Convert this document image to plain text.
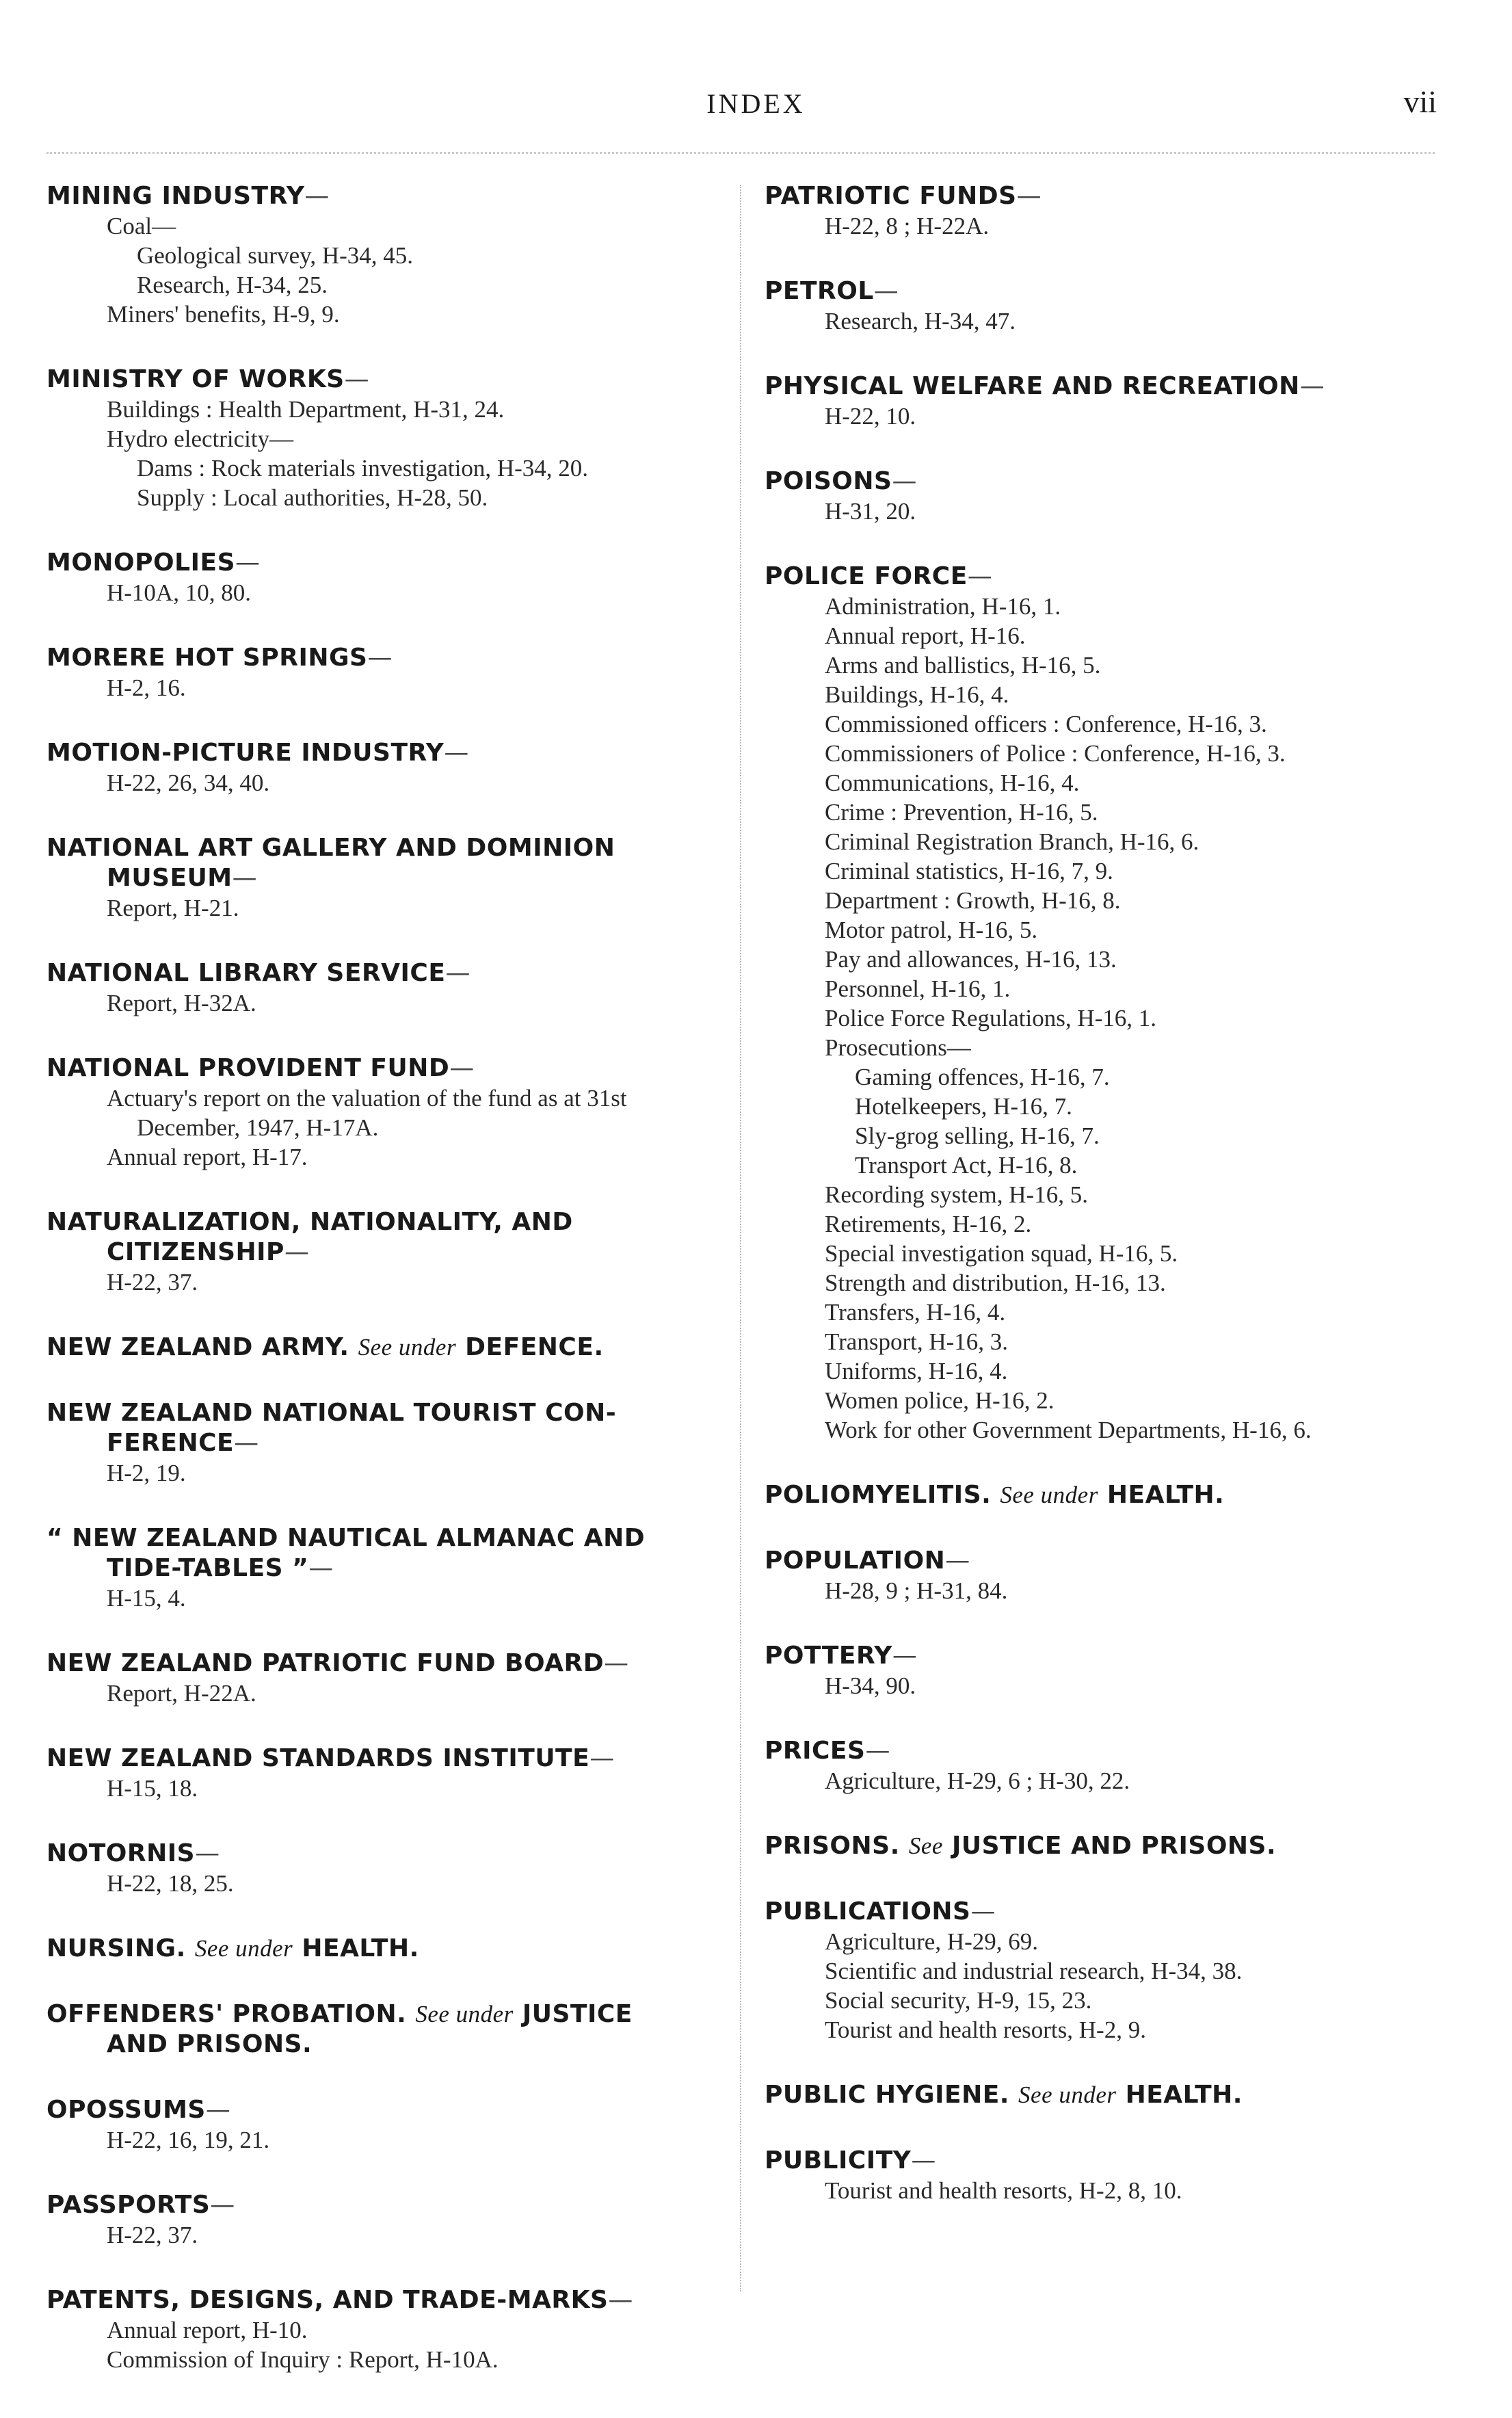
INDEX	vii
MINING INDUSTRY—
Coal—
Geological survey, H-34, 45.
Research, H-34, 25.
Miners' benefits, H-9, 9.
MINISTRY OF WORKS—
Buildings : Health Department, H-31, 24.
Hydro electricity—
Dams : Rock materials investigation, H-34, 20.
Supply : Local authorities, H-28, 50.
MONOPOLIES—
H-10A, 10, 80.
MORERE HOT SPRINGS—
H-2, 16.
MOTION-PICTURE INDUSTRY—
H-22, 26, 34, 40.
NATIONAL ART GALLERY AND DOMINION
MUSEUM—
Report, H-21.
NATIONAL LIBRARY SERVICE—
Report, H-32A.
NATIONAL PROVIDENT FUND—
Actuary's report on the valuation of the fund as at 31st December, 1947, H-17A.
Annual report, H-17.
NATURALIZATION, NATIONALITY, AND
CITIZENSHIP—
H-22, 37.
NEW ZEALAND ARMY. See under DEFENCE.
NEW ZEALAND NATIONAL TOURIST CON-
FERENCE—
H-2, 19.
“ NEW ZEALAND NAUTICAL ALMANAC AND
TIDE-TABLES ”—
H-15, 4.
NEW ZEALAND PATRIOTIC FUND BOARD—
Report, H-22A.
NEW ZEALAND STANDARDS INSTITUTE—
H-15, 18.
NOTORNIS—
H-22, 18, 25.
NURSING. See under HEALTH.
OFFENDERS' PROBATION. See under JUSTICE
AND PRISONS.
OPOSSUMS—
H-22, 16, 19, 21.
PASSPORTS—
H-22, 37.
PATENTS, DESIGNS, AND TRADE-MARKS—
Annual report, H-10.
Commission of Inquiry : Report, H-10A.
PATRIOTIC FUNDS—
H-22, 8 ; H-22A.
PETROL—
Research, H-34, 47.
PHYSICAL WELFARE AND RECREATION—
H-22, 10.
POISONS—
H-31, 20.
POLICE FORCE—
Administration, H-16, 1.
Annual report, H-16.
Arms and ballistics, H-16, 5.
Buildings, H-16, 4.
Commissioned officers : Conference, H-16, 3.
Commissioners of Police : Conference, H-16, 3.
Communications, H-16, 4.
Crime : Prevention, H-16, 5.
Criminal Registration Branch, H-16, 6.
Criminal statistics, H-16, 7, 9.
Department : Growth, H-16, 8.
Motor patrol, H-16, 5.
Pay and allowances, H-16, 13.
Personnel, H-16, 1.
Police Force Regulations, H-16, 1.
Prosecutions—
Gaming offences, H-16, 7.
Hotelkeepers, H-16, 7.
Sly-grog selling, H-16, 7.
Transport Act, H-16, 8.
Recording system, H-16, 5.
Retirements, H-16, 2.
Special investigation squad, H-16, 5.
Strength and distribution, H-16, 13.
Transfers, H-16, 4.
Transport, H-16, 3.
Uniforms, H-16, 4.
Women police, H-16, 2.
Work for other Government Departments, H-16, 6.
POLIOMYELITIS. See under HEALTH.
POPULATION—
H-28, 9 ; H-31, 84.
POTTERY—
H-34, 90.
PRICES—
Agriculture, H-29, 6 ; H-30, 22.
PRISONS. See JUSTICE AND PRISONS.
PUBLICATIONS—
Agriculture, H-29, 69.
Scientific and industrial research, H-34, 38.
Social security, H-9, 15, 23.
Tourist and health resorts, H-2, 9.
PUBLIC HYGIENE. See under HEALTH.
PUBLICITY—
Tourist and health resorts, H-2, 8, 10.
